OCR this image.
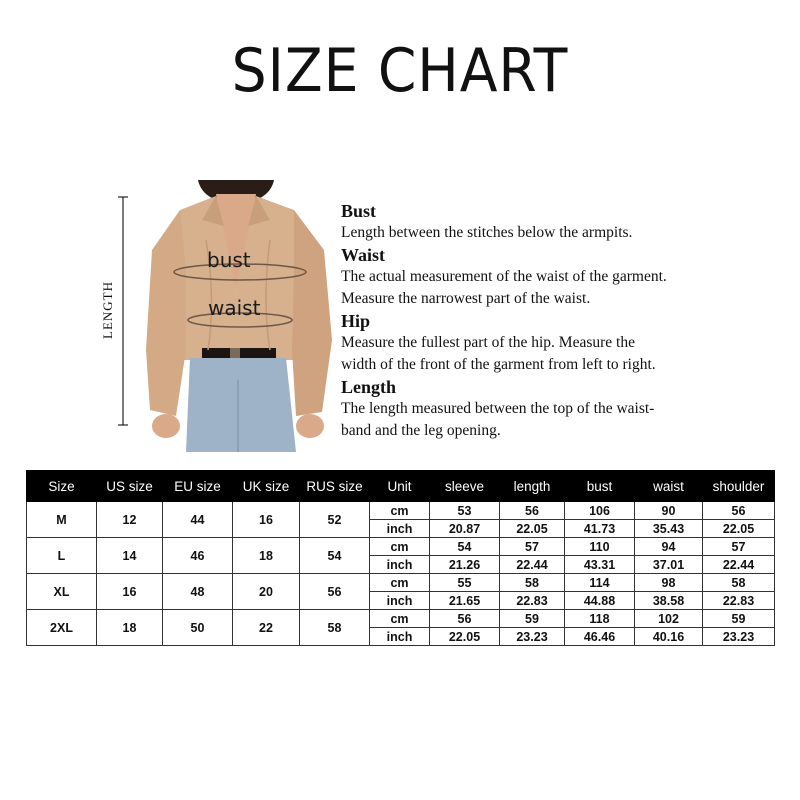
SIZE CHART
LENGTH
bust
waist
Bust
Length between the stitches below the armpits.
Waist
The actual measurement of the waist of the garment.
Measure the narrowest part of the waist.
Hip
Measure the fullest part of the hip. Measure the
width of the front of the garment from left to right.
Length
The length measured between the top of the waist-
band and the leg opening.
Size	US size	EU size	UK size	RUS size	Unit	sleeve	length	bust	waist	shoulder
M	12	44	16	52	cm	53	56	106	90	56
					inch	20.87	22.05	41.73	35.43	22.05
L	14	46	18	54	cm	54	57	110	94	57
					inch	21.26	22.44	43.31	37.01	22.44
XL	16	48	20	56	cm	55	58	114	98	58
					inch	21.65	22.83	44.88	38.58	22.83
2XL	18	50	22	58	cm	56	59	118	102	59
					inch	22.05	23.23	46.46	40.16	23.23
